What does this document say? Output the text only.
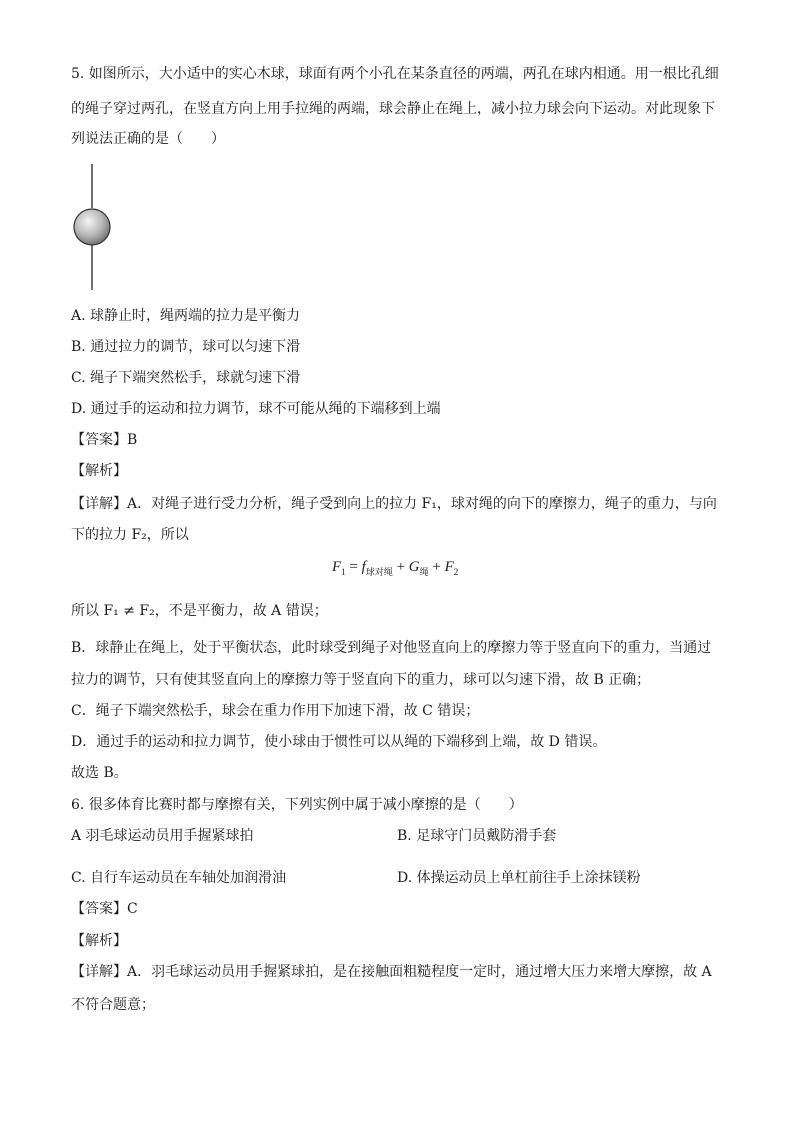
5. 如图所示，大小适中的实心木球，球面有两个小孔在某条直径的两端，两孔在球内相通。用一根比孔细
的绳子穿过两孔，在竖直方向上用手拉绳的两端，球会静止在绳上，减小拉力球会向下运动。对此现象下
列说法正确的是（　　）
A. 球静止时，绳两端的拉力是平衡力
B. 通过拉力的调节，球可以匀速下滑
C. 绳子下端突然松手，球就匀速下滑
D. 通过手的运动和拉力调节，球不可能从绳的下端移到上端
【答案】B
【解析】
【详解】A．对绳子进行受力分析，绳子受到向上的拉力 F₁，球对绳的向下的摩擦力，绳子的重力，与向
下的拉力 F₂，所以
$F_1 = f_{球对绳} + G_绳 + F_2$
所以 F₁ ≠ F₂，不是平衡力，故 A 错误；
B．球静止在绳上，处于平衡状态，此时球受到绳子对他竖直向上的摩擦力等于竖直向下的重力，当通过
拉力的调节，只有使其竖直向上的摩擦力等于竖直向下的重力，球可以匀速下滑，故 B 正确；
C．绳子下端突然松手，球会在重力作用下加速下滑，故 C 错误；
D．通过手的运动和拉力调节，使小球由于惯性可以从绳的下端移到上端，故 D 错误。
故选 B。
6. 很多体育比赛时都与摩擦有关，下列实例中属于减小摩擦的是（　　）
A 羽毛球运动员用手握紧球拍	B. 足球守门员戴防滑手套
C. 自行车运动员在车轴处加润滑油	D. 体操运动员上单杠前往手上涂抹镁粉
【答案】C
【解析】
【详解】A．羽毛球运动员用手握紧球拍，是在接触面粗糙程度一定时，通过增大压力来增大摩擦，故 A
不符合题意；
